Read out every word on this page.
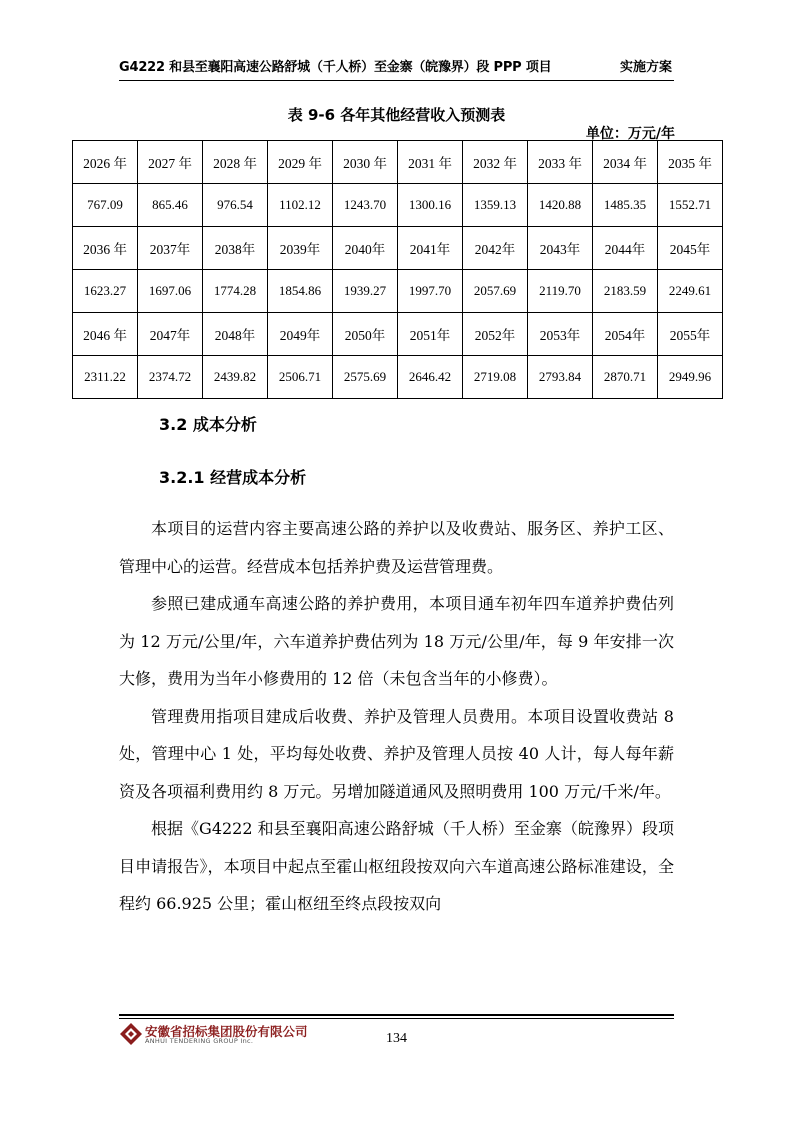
G4222 和县至襄阳高速公路舒城（千人桥）至金寨（皖豫界）段 PPP 项目	实施方案
表 9-6 各年其他经营收入预测表
单位：万元/年
2026 年	2027 年	2028 年	2029 年	2030 年	2031 年	2032 年	2033 年	2034 年	2035 年
767.09	865.46	976.54	1102.12	1243.70	1300.16	1359.13	1420.88	1485.35	1552.71
2036 年	2037年	2038年	2039年	2040年	2041年	2042年	2043年	2044年	2045年
1623.27	1697.06	1774.28	1854.86	1939.27	1997.70	2057.69	2119.70	2183.59	2249.61
2046 年	2047年	2048年	2049年	2050年	2051年	2052年	2053年	2054年	2055年
2311.22	2374.72	2439.82	2506.71	2575.69	2646.42	2719.08	2793.84	2870.71	2949.96
3.2 成本分析
3.2.1 经营成本分析

本项目的运营内容主要高速公路的养护以及收费站、服务区、养护工区、管理中心的运营。经营成本包括养护费及运营管理费。

参照已建成通车高速公路的养护费用，本项目通车初年四车道养护费估列为 12 万元/公里/年，六车道养护费估列为 18 万元/公里/年，每 9 年安排一次大修，费用为当年小修费用的 12 倍（未包含当年的小修费）。

管理费用指项目建成后收费、养护及管理人员费用。本项目设置收费站 8 处，管理中心 1 处，平均每处收费、养护及管理人员按 40 人计，每人每年薪资及各项福利费用约 8 万元。另增加隧道通风及照明费用 100 万元/千米/年。

根据《G4222 和县至襄阳高速公路舒城（千人桥）至金寨（皖豫界）段项目申请报告》，本项目中起点至霍山枢纽段按双向六车道高速公路标准建设，全程约 66.925 公里；霍山枢纽至终点段按双向

安徽省招标集团股份有限公司
ANHUI TENDERING GROUP Inc.	134
